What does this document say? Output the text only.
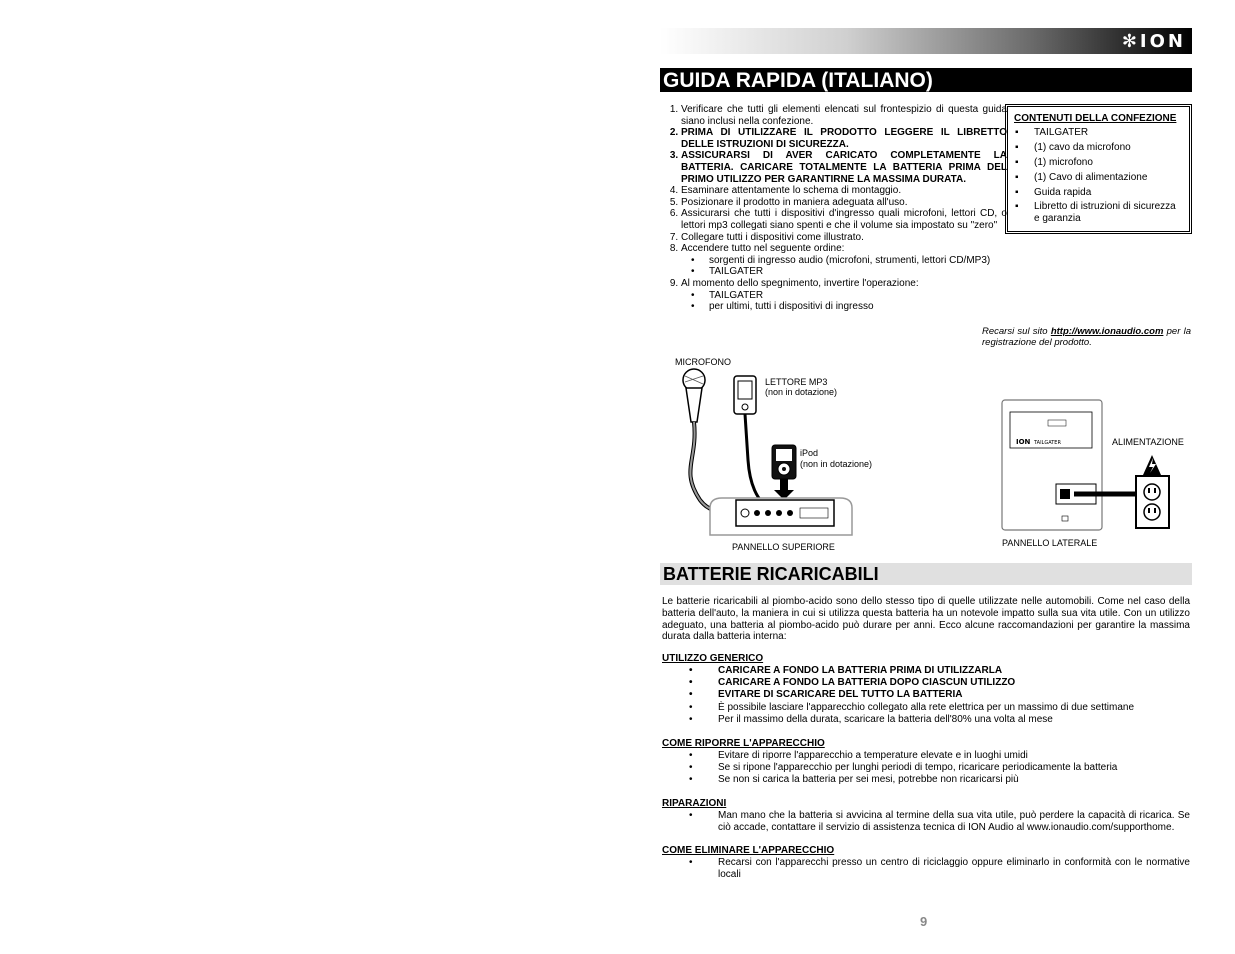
✻ION
GUIDA RAPIDA (ITALIANO)
1. Verificare che tutti gli elementi elencati sul frontespizio di questa guida siano inclusi nella confezione.
2. PRIMA DI UTILIZZARE IL PRODOTTO LEGGERE IL LIBRETTO DELLE ISTRUZIONI DI SICUREZZA.
3. ASSICURARSI DI AVER CARICATO COMPLETAMENTE LA BATTERIA. CARICARE TOTALMENTE LA BATTERIA PRIMA DEL PRIMO UTILIZZO PER GARANTIRNE LA MASSIMA DURATA.
4. Esaminare attentamente lo schema di montaggio.
5. Posizionare il prodotto in maniera adeguata all'uso.
6. Assicurarsi che tutti i dispositivi d'ingresso quali microfoni, lettori CD, o lettori mp3 collegati siano spenti e che il volume sia impostato su "zero"
7. Collegare tutti i dispositivi come illustrato.
8. Accendere tutto nel seguente ordine:
• sorgenti di ingresso audio (microfoni, strumenti, lettori CD/MP3)
• TAILGATER
9. Al momento dello spegnimento, invertire l'operazione:
• TAILGATER
• per ultimi, tutti i dispositivi di ingresso
CONTENUTI DELLA CONFEZIONE
▪ TAILGATER
▪ (1) cavo da microfono
▪ (1) microfono
▪ (1) Cavo di alimentazione
▪ Guida rapida
▪ Libretto di istruzioni di sicurezza e garanzia
Recarsi sul sito http://www.ionaudio.com per la registrazione del prodotto.
MICROFONO
LETTORE MP3
(non in dotazione)
iPod
(non in dotazione)
PANNELLO SUPERIORE	PANNELLO LATERALE
ALIMENTAZIONE
ION TAILGATER
BATTERIE RICARICABILI

Le batterie ricaricabili al piombo-acido sono dello stesso tipo di quelle utilizzate nelle automobili. Come nel caso della batteria dell'auto, la maniera in cui si utilizza questa batteria ha un notevole impatto sulla sua vita utile. Con un utilizzo adeguato, una batteria al piombo-acido può durare per anni. Ecco alcune raccomandazioni per garantire la massima durata dalla batteria interna:

UTILIZZO GENERICO
• CARICARE A FONDO LA BATTERIA PRIMA DI UTILIZZARLA
• CARICARE A FONDO LA BATTERIA DOPO CIASCUN UTILIZZO
• EVITARE DI SCARICARE DEL TUTTO LA BATTERIA
• È possibile lasciare l'apparecchio collegato alla rete elettrica per un massimo di due settimane
• Per il massimo della durata, scaricare la batteria dell'80% una volta al mese
COME RIPORRE L'APPARECCHIO
• Evitare di riporre l'apparecchio a temperature elevate e in luoghi umidi
• Se si ripone l'apparecchio per lunghi periodi di tempo, ricaricare periodicamente la batteria
• Se non si carica la batteria per sei mesi, potrebbe non ricaricarsi più
RIPARAZIONI
• Man mano che la batteria si avvicina al termine della sua vita utile, può perdere la capacità di ricarica. Se ciò accade, contattare il servizio di assistenza tecnica di ION Audio al www.ionaudio.com/supporthome.
COME ELIMINARE L'APPARECCHIO
• Recarsi con l'apparecchi presso un centro di riciclaggio oppure eliminarlo in conformità con le normative locali
9
